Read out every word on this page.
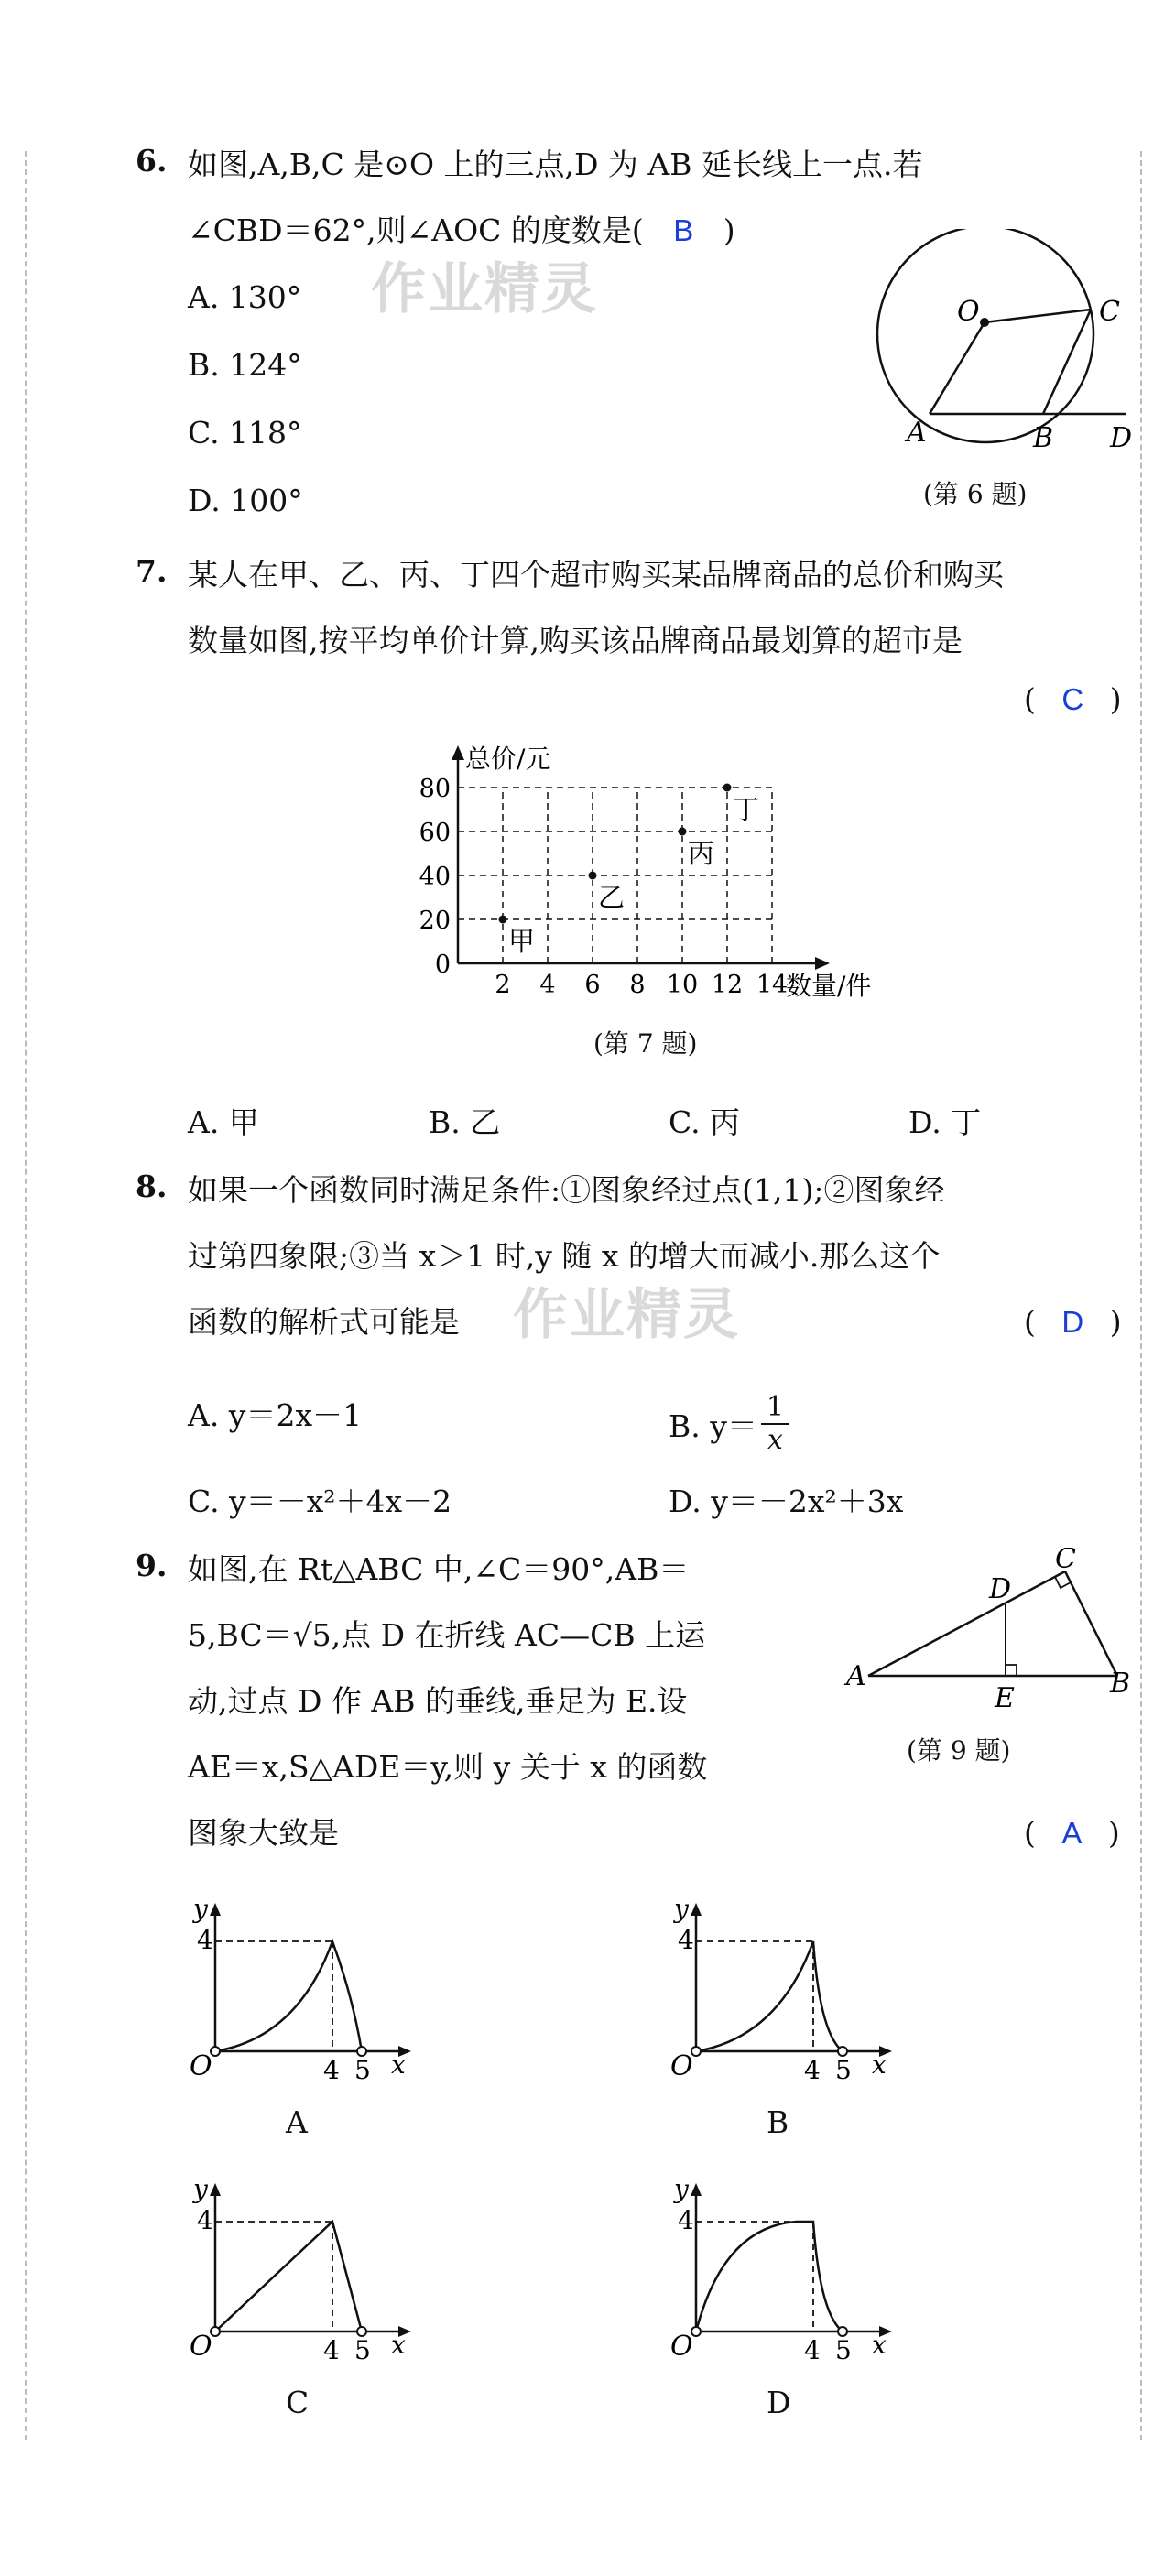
作业精灵
作业精灵
6. 如图,A,B,C 是⊙O 上的三点,D 为 AB 延长线上一点.若
∠CBD＝62°,则∠AOC 的度数是( B )
A. 130°
B. 124°
C. 118°
D. 100°
O	C
A	B D
(第 6 题)
7. 某人在甲、乙、丙、丁四个超市购买某品牌商品的总价和购买
数量如图,按平均单价计算,购买该品牌商品最划算的超市是
( C )
总价/元
数量/件
2 4 6 8 10 12 14
0
20
40
60
80
甲
乙
丙
丁
(第 7 题)
A. 甲	B. 乙	C. 丙	D. 丁
8. 如果一个函数同时满足条件:①图象经过点(1,1);②图象经
过第四象限;③当 x＞1 时,y 随 x 的增大而减小.那么这个
函数的解析式可能是	( D )
A. y＝2x－1	B. $y= \frac{1}{x}$
C. y＝－x²＋4x－2	D. y＝－2x²＋3x
9. 如图,在 Rt△ABC 中,∠C＝90°,AB＝
5,BC＝√5,点 D 在折线 AC—CB 上运
动,过点 D 作 AB 的垂线,垂足为 E.设
AE＝x,S△ADE＝y,则 y 关于 x 的函数
图象大致是	( A )
A	B
C
D
E
(第 9 题)
y
4
O	4 5 x
A
y
4
O	4 5 x
B
y
4
O	4 5 x
C
y
4
O	4 5 x
D
